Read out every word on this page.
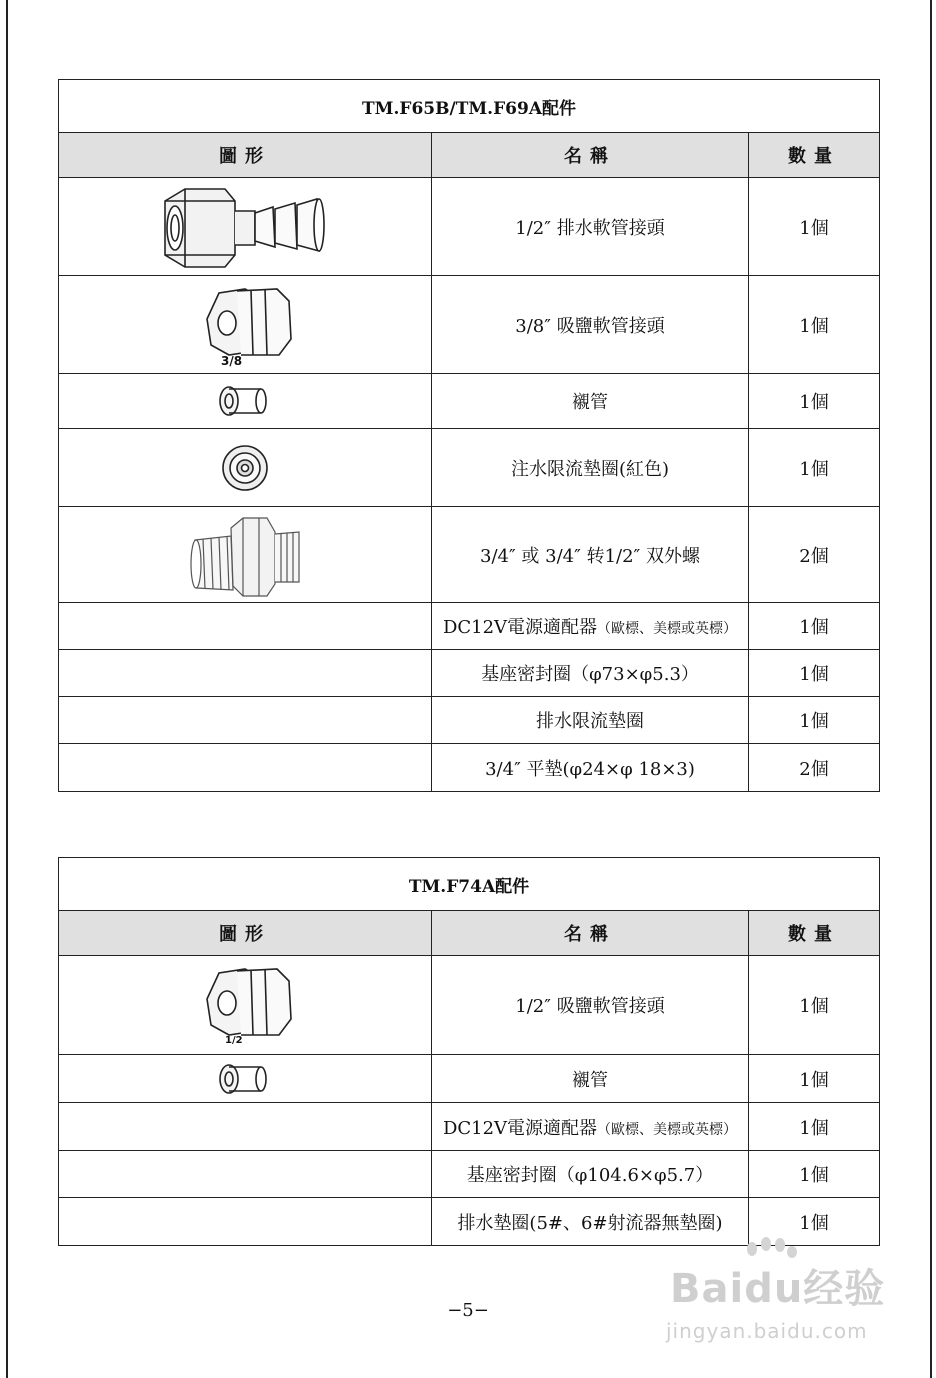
TM.F65B/TM.F69A配件		
圖形	名稱	數量

	1/2″ 排水軟管接頭	1個

3/8	3/8″ 吸鹽軟管接頭	1個

	襯管	1個

	注水限流墊圈(紅色)	1個

	3/4″ 或 3/4″ 转1/2″ 双外螺	2個
	DC12V電源適配器（歐標、美標或英標）	1個
	基座密封圈（φ73×φ5.3）	1個
	排水限流墊圈	1個
	3/4″ 平墊(φ24×φ 18×3)	2個
TM.F74A配件		
圖形	名稱	數量

1/2	1/2″ 吸鹽軟管接頭	1個

	襯管	1個
	DC12V電源適配器（歐標、美標或英標）	1個
	基座密封圈（φ104.6×φ5.7）	1個
	排水墊圈(5#、6#射流器無墊圈)	1個
−5−	Baidu经验
jingyan.baidu.com
